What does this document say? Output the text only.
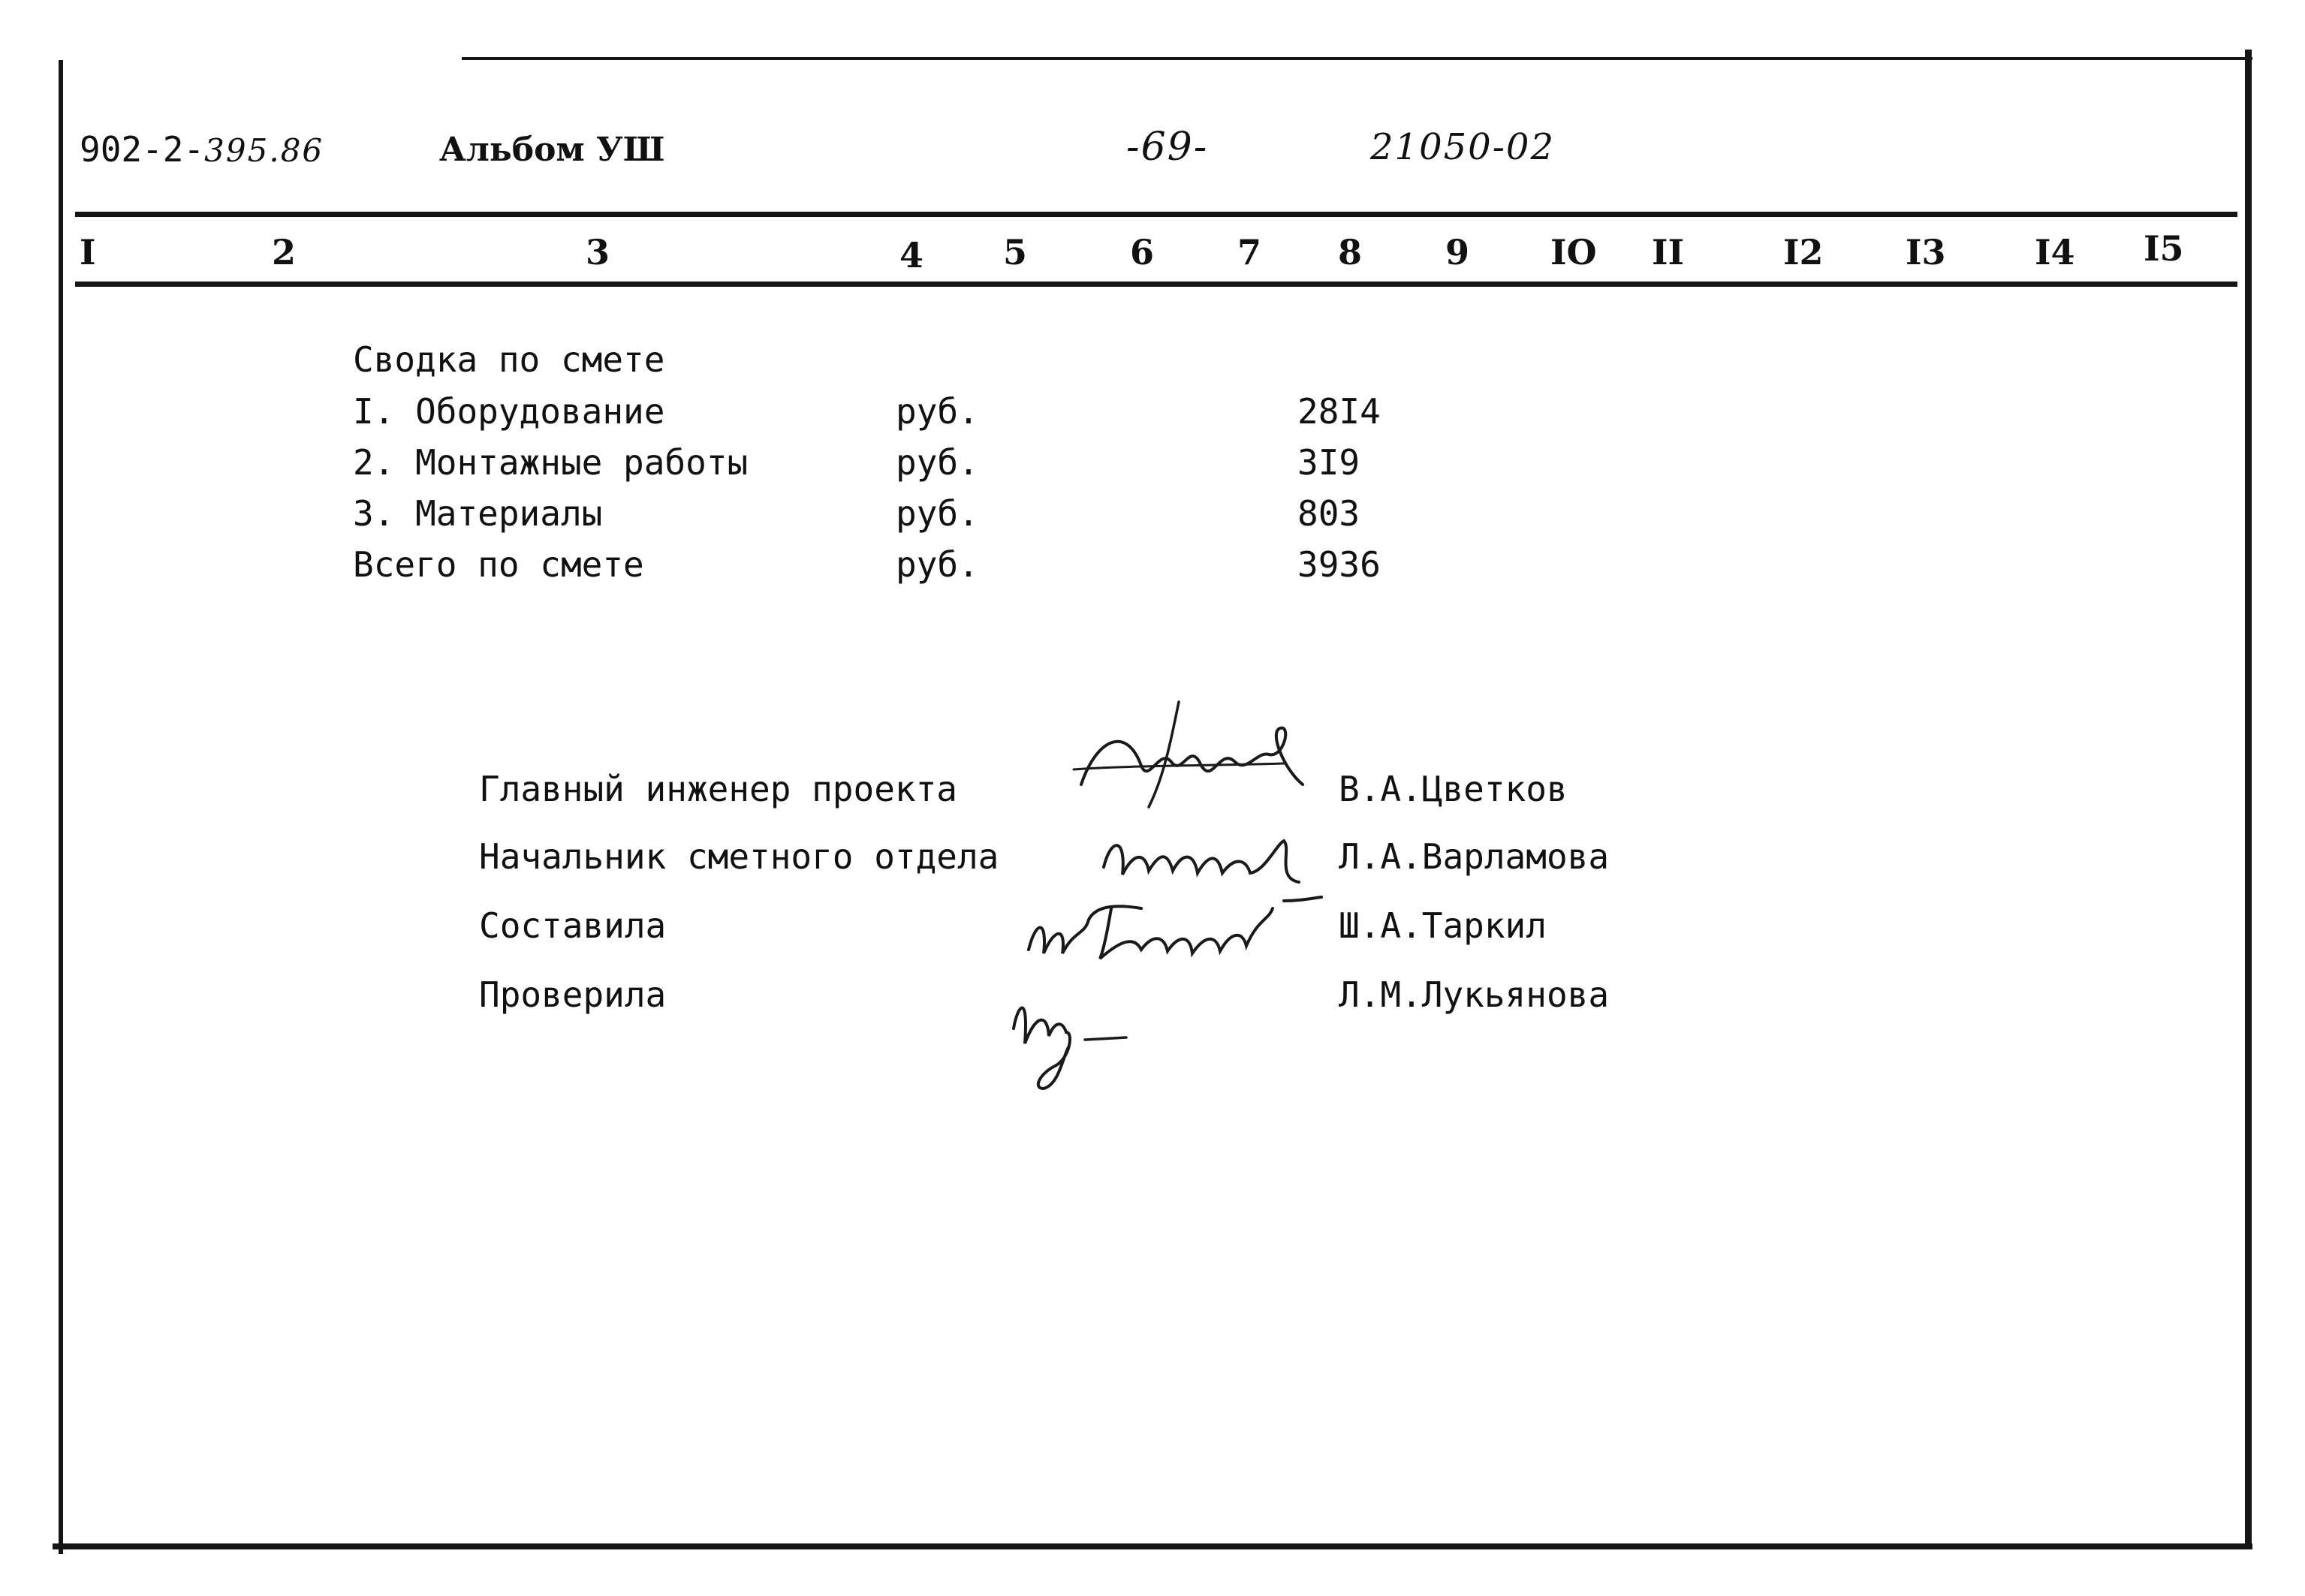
902-2-395.86	Альбом УШ	-69-	21050-02
I	2	3	4 5	6 7 8 9 IO II	I2 I3	I4 I5
Сводка по смете
I. Оборудование	руб.	28I4
2. Монтажные работы	руб.	3I9
3. Материалы	руб.	803
Всего по смете	руб.	3936
Главный инженер проекта	В.А.Цветков
Начальник сметного отдела	Л.А.Варламова
Составила	Ш.А.Таркил
Проверила	Л.М.Лукьянова
